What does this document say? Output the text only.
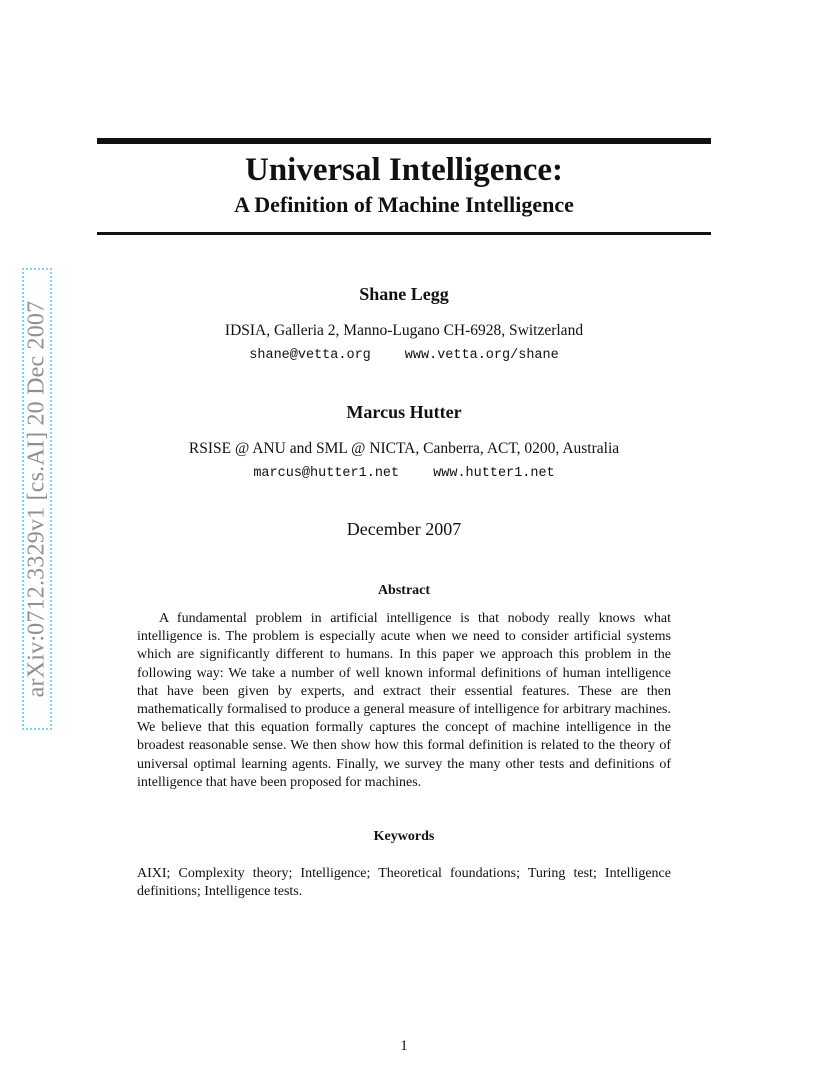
arXiv:0712.3329v1 [cs.AI] 20 Dec 2007
Universal Intelligence:
A Definition of Machine Intelligence
Shane Legg
IDSIA, Galleria 2, Manno-Lugano CH-6928, Switzerland
shane@vetta.org	www.vetta.org/shane
Marcus Hutter
RSISE @ ANU and SML @ NICTA, Canberra, ACT, 0200, Australia
marcus@hutter1.net	www.hutter1.net
December 2007
Abstract
A fundamental problem in artificial intelligence is that nobody really knows what intelligence is. The problem is especially acute when we need to consider artificial systems which are significantly different to humans. In this paper we approach this problem in the following way: We take a number of well known informal definitions of human intelligence that have been given by experts, and extract their essential features. These are then mathematically formalised to produce a general measure of intelligence for arbitrary machines. We believe that this equation formally captures the concept of machine intelligence in the broadest reasonable sense. We then show how this formal definition is related to the theory of universal optimal learning agents. Finally, we survey the many other tests and definitions of intelligence that have been proposed for machines.
Keywords
AIXI; Complexity theory; Intelligence; Theoretical foundations; Turing test; Intelligence definitions; Intelligence tests.
1
